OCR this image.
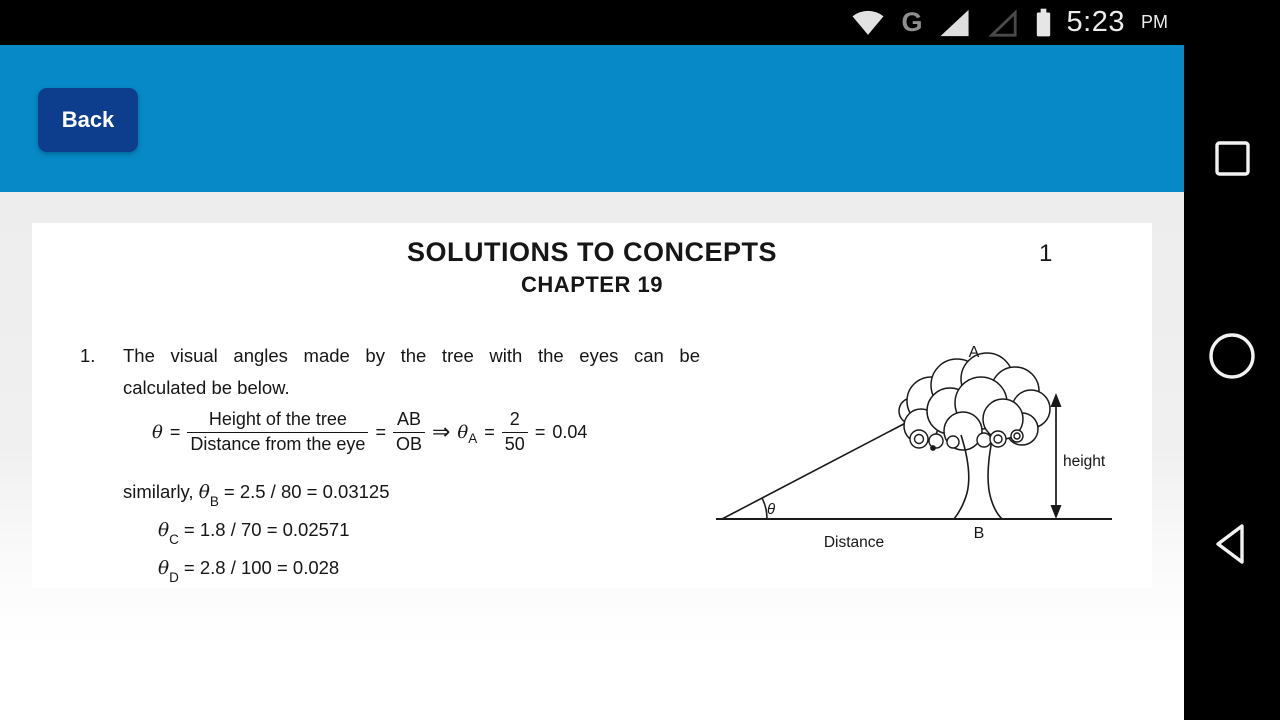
G	5:23 PM
Back
SOLUTIONS TO CONCEPTS
CHAPTER 19
1
1.	The visual angles made by the tree with the eyes can be
calculated be below.
$\theta = \frac{\text{Height of the tree}}{\text{Distance from the eye}} = \frac{AB}{OB}$ ⇒ $\theta_A = \frac{2}{50} = 0.04$
similarly, $\theta_B = 2.5 / 80 = 0.03125$
$\theta_C = 1.8 / 70 = 0.02571$
$\theta_D = 2.8 / 100 = 0.028$
A
B
θ
Distance
height
